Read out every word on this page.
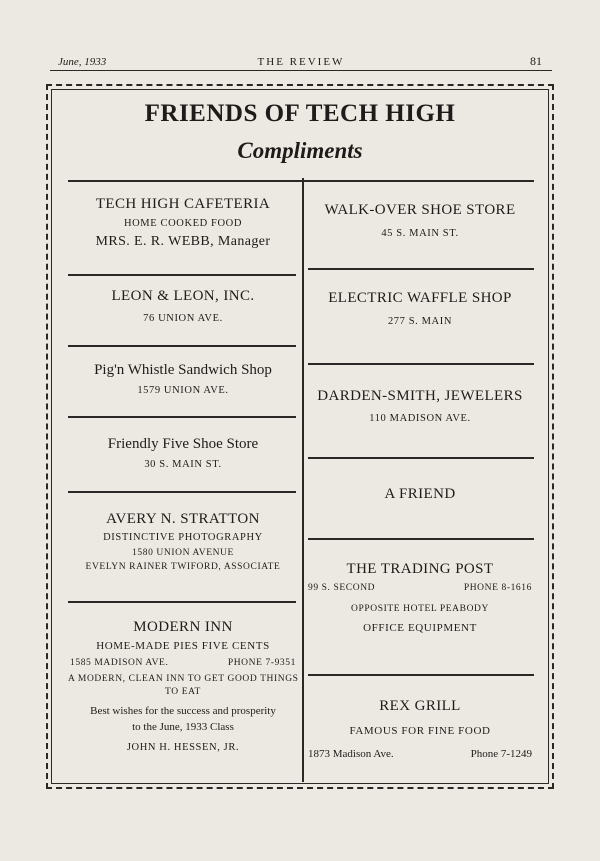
June, 1933	THE REVIEW	81
FRIENDS OF TECH HIGH
Compliments
TECH HIGH CAFETERIA
HOME COOKED FOOD
MRS. E. R. WEBB, Manager
LEON & LEON, INC.
76 UNION AVE.
Pig'n Whistle Sandwich Shop
1579 UNION AVE.
Friendly Five Shoe Store
30 S. MAIN ST.
AVERY N. STRATTON
DISTINCTIVE PHOTOGRAPHY
1580 UNION AVENUE
EVELYN RAINER TWIFORD, ASSOCIATE
MODERN INN
HOME-MADE PIES FIVE CENTS
1585 MADISON AVE.	PHONE 7-9351
A MODERN, CLEAN INN TO GET GOOD THINGS
TO EAT
Best wishes for the success and prosperity
to the June, 1933 Class
JOHN H. HESSEN, JR.
WALK-OVER SHOE STORE
45 S. MAIN ST.
ELECTRIC WAFFLE SHOP
277 S. MAIN
DARDEN-SMITH, JEWELERS
110 MADISON AVE.
A FRIEND
THE TRADING POST
99 S. SECOND	PHONE 8-1616
OPPOSITE HOTEL PEABODY
OFFICE EQUIPMENT
REX GRILL
FAMOUS FOR FINE FOOD
1873 Madison Ave.	Phone 7-1249
